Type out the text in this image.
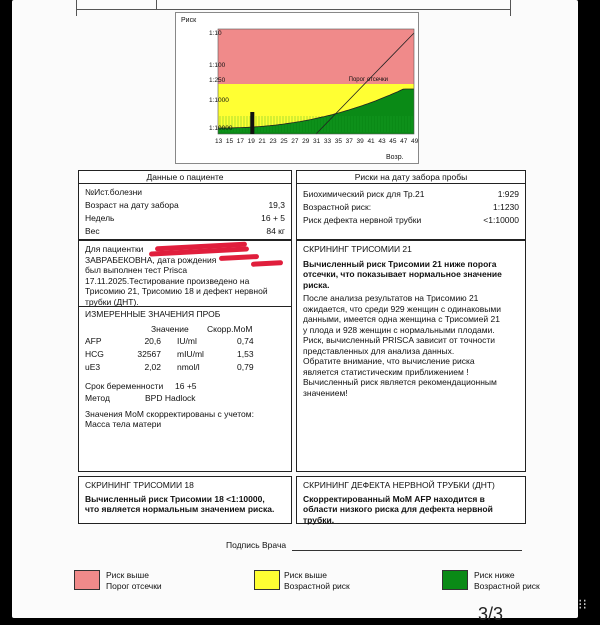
Риск
Возр.
Порог отсечки
1:10
1:100
1:250
1:1000
1:10000
13 15 17 19 21 23 25 27 29 31 33 35 37 39 41 43 45 47 49
Данные о пациенте
№Ист.болезни
Возраст на дату забора	19,3
Недель	16 + 5
Вес	84 кг
Риски на дату забора пробы
Биохимический риск для Тр.21	1:929
Возрастной риск:	1:1230
Риск дефекта нервной трубки	<1:10000
Для пациентки
ЗАВРАБЕКОВНА, дата рождения
был выполнен тест Prisca
17.11.2025.Тестирование произведено на
Трисомию 21, Трисомию 18 и дефект нервной
трубки (ДНТ).
ИЗМЕРЕННЫЕ ЗНАЧЕНИЯ ПРОБ
Значение Скорр.МоМ
AFP	20,6 IU/ml	0,74
HCG	32567 mIU/ml	1,53
uE3	2,02 nmol/l	0,79
Срок беременности 16 +5
Метод	BPD Hadlock
Значения МоМ скорректированы с учетом:
Масса тела матери
СКРИНИНГ ТРИСОМИИ 21
Вычисленный риск Трисомии 21 ниже порога
отсечки, что показывает нормальное значение
риска.
После анализа результатов на Трисомию 21
ожидается, что среди 929 женщин с одинаковыми
данными, имеется одна женщина с Трисомией 21
у плода и 928 женщин с нормальными плодами.
Риск, вычисленный PRISCA зависит от точности
представленных для анализа данных.
Обратите внимание, что вычисление риска
является статистическим приближением !
Вычисленный риск является рекомендационным
значением!
СКРИНИНГ ТРИСОМИИ 18
Вычисленный риск Трисомии 18 <1:10000,
что является нормальным значением риска.
СКРИНИНГ ДЕФЕКТА НЕРВНОЙ ТРУБКИ (ДНТ)
Скорректированный МоМ AFP находится в
области низкого риска для дефекта нервной
трубки.
Подпись Врача
Риск выше
Порог отсечки
Риск выше
Возрастной риск
Риск ниже
Возрастной риск
3/3	⁝⁝
